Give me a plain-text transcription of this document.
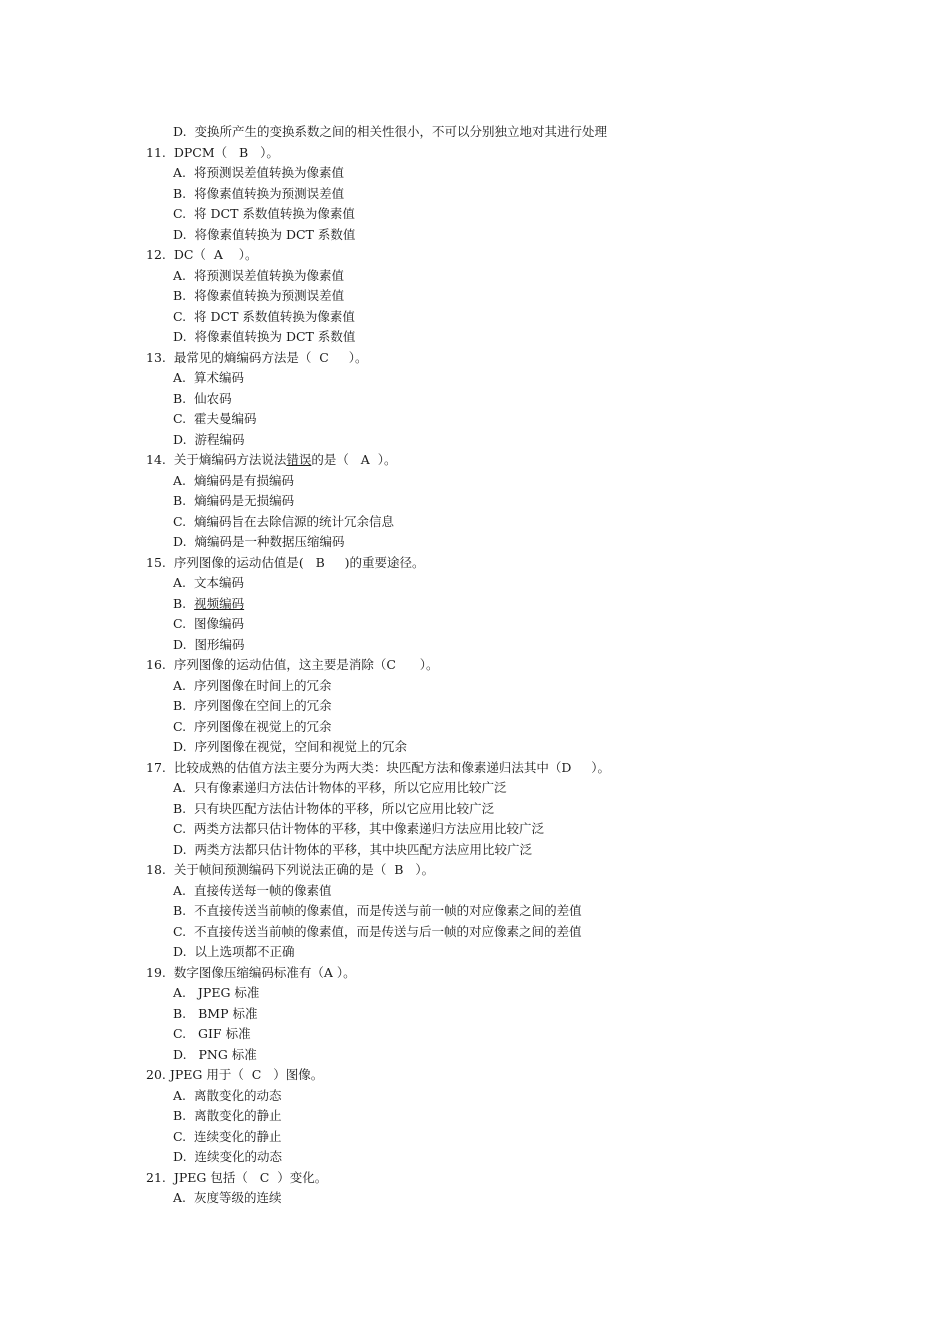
D.  变换所产生的变换系数之间的相关性很小，不可以分别独立地对其进行处理
11.  DPCM（   B   ）。
A.  将预测误差值转换为像素值
B.  将像素值转换为预测误差值
C.  将 DCT 系数值转换为像素值
D.  将像素值转换为 DCT 系数值
12.  DC（  A    ）。
A.  将预测误差值转换为像素值
B.  将像素值转换为预测误差值
C.  将 DCT 系数值转换为像素值
D.  将像素值转换为 DCT 系数值
13.  最常见的熵编码方法是（  C     ）。
A.  算术编码
B.  仙农码
C.  霍夫曼编码
D.  游程编码
14.  关于熵编码方法说法错误的是（   A  ）。
A.  熵编码是有损编码
B.  熵编码是无损编码
C.  熵编码旨在去除信源的统计冗余信息
D.  熵编码是一种数据压缩编码
15.  序列图像的运动估值是(   B     )的重要途径。
A.  文本编码
B.  视频编码
C.  图像编码
D.  图形编码
16.  序列图像的运动估值，这主要是消除（C      ）。
A.  序列图像在时间上的冗余
B.  序列图像在空间上的冗余
C.  序列图像在视觉上的冗余
D.  序列图像在视觉，空间和视觉上的冗余
17.  比较成熟的估值方法主要分为两大类：块匹配方法和像素递归法其中（D     ）。
A.  只有像素递归方法估计物体的平移，所以它应用比较广泛
B.  只有块匹配方法估计物体的平移，所以它应用比较广泛
C.  两类方法都只估计物体的平移，其中像素递归方法应用比较广泛
D.  两类方法都只估计物体的平移，其中块匹配方法应用比较广泛
18.  关于帧间预测编码下列说法正确的是（  B   ）。
A.  直接传送每一帧的像素值
B.  不直接传送当前帧的像素值，而是传送与前一帧的对应像素之间的差值
C.  不直接传送当前帧的像素值，而是传送与后一帧的对应像素之间的差值
D.  以上选项都不正确
19.  数字图像压缩编码标准有（A ）。
A.   JPEG 标准
B.   BMP 标准
C.   GIF 标准
D.   PNG 标准
20. JPEG 用于（  C   ）图像。
A.  离散变化的动态
B.  离散变化的静止
C.  连续变化的静止
D.  连续变化的动态
21.  JPEG 包括（   C  ）变化。
A.  灰度等级的连续
